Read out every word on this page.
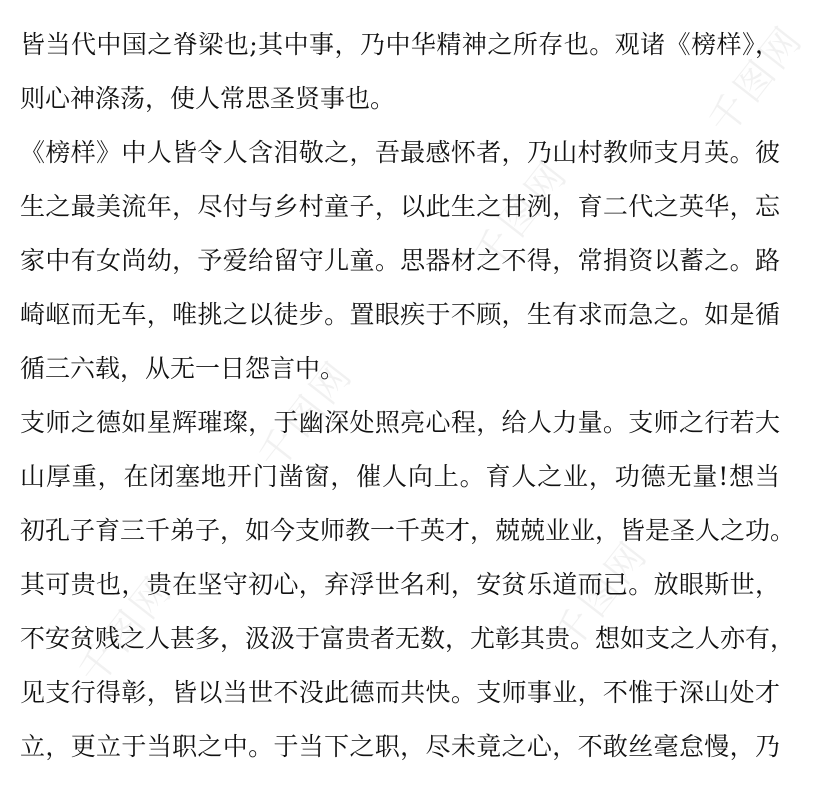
千图网
千图网
千图网
千图网
千图网
皆当代中国之脊梁也;其中事，乃中华精神之所存也。观诸《榜样》，
则心神涤荡，使人常思圣贤事也。
《榜样》中人皆令人含泪敬之，吾最感怀者，乃山村教师支月英。彼
生之最美流年，尽付与乡村童子，以此生之甘洌，育二代之英华，忘
家中有女尚幼，予爱给留守儿童。思器材之不得，常捐资以蓄之。路
崎岖而无车，唯挑之以徒步。置眼疾于不顾，生有求而急之。如是循
循三六载，从无一日怨言中。
支师之德如星辉璀璨，于幽深处照亮心程，给人力量。支师之行若大
山厚重，在闭塞地开门凿窗，催人向上。育人之业，功德无量!想当
初孔子育三千弟子，如今支师教一千英才，兢兢业业，皆是圣人之功。
其可贵也，贵在坚守初心，弃浮世名利，安贫乐道而已。放眼斯世，
不安贫贱之人甚多，汲汲于富贵者无数，尤彰其贵。想如支之人亦有，
见支行得彰，皆以当世不没此德而共快。支师事业，不惟于深山处才
立，更立于当职之中。于当下之职，尽未竟之心，不敢丝毫怠慢，乃
